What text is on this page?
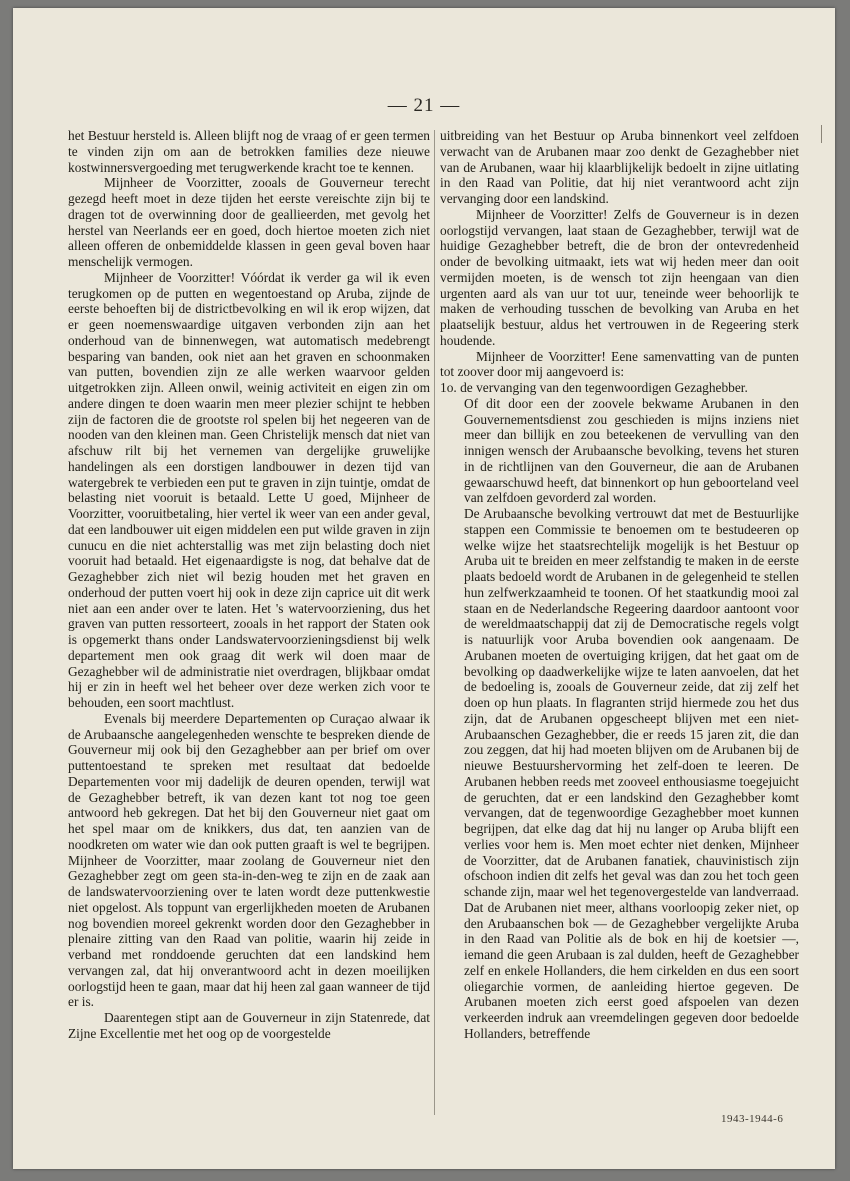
— 21 —

het Bestuur hersteld is. Alleen blijft nog de vraag of er geen termen te vinden zijn om aan de betrokken families deze nieuwe kostwinnersvergoeding met terugwerkende kracht toe te kennen.

Mijnheer de Voorzitter, zooals de Gouverneur terecht gezegd heeft moet in deze tijden het eerste vereischte zijn bij te dragen tot de overwinning door de geallieerden, met gevolg het herstel van Neerlands eer en goed, doch hiertoe moeten zich niet alleen offeren de onbemiddelde klassen in geen geval boven haar menschelijk vermogen.

Mijnheer de Voorzitter! Vóórdat ik verder ga wil ik even terugkomen op de putten en wegentoestand op Aruba, zijnde de eerste behoeften bij de districtbevolking en wil ik erop wijzen, dat er geen noemenswaardige uitgaven verbonden zijn aan het onderhoud van de binnenwegen, wat automatisch medebrengt besparing van banden, ook niet aan het graven en schoonmaken van putten, bovendien zijn ze alle werken waarvoor gelden uitgetrokken zijn. Alleen onwil, weinig activiteit en eigen zin om andere dingen te doen waarin men meer plezier schijnt te hebben zijn de factoren die de grootste rol spelen bij het negeeren van de nooden van den kleinen man. Geen Christelijk mensch dat niet van afschuw rilt bij het vernemen van dergelijke gruwelijke handelingen als een dorstigen landbouwer in dezen tijd van watergebrek te verbieden een put te graven in zijn tuintje, omdat de belasting niet vooruit is betaald. Lette U goed, Mijnheer de Voorzitter, vooruitbetaling, hier vertel ik weer van een ander geval, dat een landbouwer uit eigen middelen een put wilde graven in zijn cunucu en die niet achterstallig was met zijn belasting doch niet vooruit had betaald. Het eigenaardigste is nog, dat behalve dat de Gezaghebber zich niet wil bezig houden met het graven en onderhoud der putten voert hij ook in deze zijn caprice uit dit werk niet aan een ander over te laten. Het 's watervoorziening, dus het graven van putten ressorteert, zooals in het rapport der Staten ook is opgemerkt thans onder Landswatervoorzieningsdienst bij welk departement men ook graag dit werk wil doen maar de Gezaghebber wil de administratie niet overdragen, blijkbaar omdat hij er zin in heeft wel het beheer over deze werken zich voor te behouden, een soort machtlust.

Evenals bij meerdere Departementen op Curaçao alwaar ik de Arubaansche aangelegenheden wenschte te bespreken diende de Gouverneur mij ook bij den Gezaghebber aan per brief om over puttentoestand te spreken met resultaat dat bedoelde Departementen voor mij dadelijk de deuren openden, terwijl wat de Gezaghebber betreft, ik van dezen kant tot nog toe geen antwoord heb gekregen. Dat het bij den Gouverneur niet gaat om het spel maar om de knikkers, dus dat, ten aanzien van de noodkreten om water wie dan ook putten graaft is wel te begrijpen. Mijnheer de Voorzitter, maar zoolang de Gouverneur niet den Gezaghebber zegt om geen sta-in-den-weg te zijn en de zaak aan de landswatervoorziening over te laten wordt deze puttenkwestie niet opgelost. Als toppunt van ergerlijkheden moeten de Arubanen nog bovendien moreel gekrenkt worden door den Gezaghebber in plenaire zitting van den Raad van politie, waarin hij zeide in verband met ronddoende geruchten dat een landskind hem vervangen zal, dat hij onverantwoord acht in dezen moeilijken oorlogstijd heen te gaan, maar dat hij heen zal gaan wanneer de tijd er is.

Daarentegen stipt aan de Gouverneur in zijn Statenrede, dat Zijne Excellentie met het oog op de voorgestelde

uitbreiding van het Bestuur op Aruba binnenkort veel zelfdoen verwacht van de Arubanen maar zoo denkt de Gezaghebber niet van de Arubanen, waar hij klaarblijkelijk bedoelt in zijne uitlating in den Raad van Politie, dat hij niet verantwoord acht zijn vervanging door een landskind.

Mijnheer de Voorzitter! Zelfs de Gouverneur is in dezen oorlogstijd vervangen, laat staan de Gezaghebber, terwijl wat de huidige Gezaghebber betreft, die de bron der ontevredenheid onder de bevolking uitmaakt, iets wat wij heden meer dan ooit vermijden moeten, is de wensch tot zijn heengaan van dien urgenten aard als van uur tot uur, teneinde weer behoorlijk te maken de verhouding tusschen de bevolking van Aruba en het plaatselijk bestuur, aldus het vertrouwen in de Regeering sterk houdende.

Mijnheer de Voorzitter! Eene samenvatting van de punten tot zoover door mij aangevoerd is:

1o. de vervanging van den tegenwoordigen Gezaghebber.

Of dit door een der zoovele bekwame Arubanen in den Gouvernementsdienst zou geschieden is mijns inziens niet meer dan billijk en zou beteekenen de vervulling van den innigen wensch der Arubaansche bevolking, tevens het sturen in de richtlijnen van den Gouverneur, die aan de Arubanen gewaarschuwd heeft, dat binnenkort op hun geboorteland veel van zelfdoen gevorderd zal worden.

De Arubaansche bevolking vertrouwt dat met de Bestuurlijke stappen een Commissie te benoemen om te bestudeeren op welke wijze het staatsrechtelijk mogelijk is het Bestuur op Aruba uit te breiden en meer zelfstandig te maken in de eerste plaats bedoeld wordt de Arubanen in de gelegenheid te stellen hun zelfwerkzaamheid te toonen. Of het staatkundig mooi zal staan en de Nederlandsche Regeering daardoor aantoont voor de wereldmaatschappij dat zij de Democratische regels volgt is natuurlijk voor Aruba bovendien ook aangenaam. De Arubanen moeten de overtuiging krijgen, dat het gaat om de bevolking op daadwerkelijke wijze te laten aanvoelen, dat het de bedoeling is, zooals de Gouverneur zeide, dat zij zelf het doen op hun plaats. In flagranten strijd hiermede zou het dus zijn, dat de Arubanen opgescheept blijven met een niet-Arubaanschen Gezaghebber, die er reeds 15 jaren zit, die dan zou zeggen, dat hij had moeten blijven om de Arubanen bij de nieuwe Bestuurshervorming het zelf-doen te leeren. De Arubanen hebben reeds met zooveel enthousiasme toegejuicht de geruchten, dat er een landskind den Gezaghebber komt vervangen, dat de tegenwoordige Gezaghebber moet kunnen begrijpen, dat elke dag dat hij nu langer op Aruba blijft een verlies voor hem is. Men moet echter niet denken, Mijnheer de Voorzitter, dat de Arubanen fanatiek, chauvinistisch zijn ofschoon indien dit zelfs het geval was dan zou het toch geen schande zijn, maar wel het tegenovergestelde van landverraad. Dat de Arubanen niet meer, althans voorloopig zeker niet, op den Arubaanschen bok — de Gezaghebber vergelijkte Aruba in den Raad van Politie als de bok en hij de koetsier —, iemand die geen Arubaan is zal dulden, heeft de Gezaghebber zelf en enkele Hollanders, die hem cirkelden en dus een soort oliegarchie vormen, de aanleiding hiertoe gegeven. De Arubanen moeten zich eerst goed afspoelen van dezen verkeerden indruk aan vreemdelingen gegeven door bedoelde Hollanders, betreffende

1943-1944-6
